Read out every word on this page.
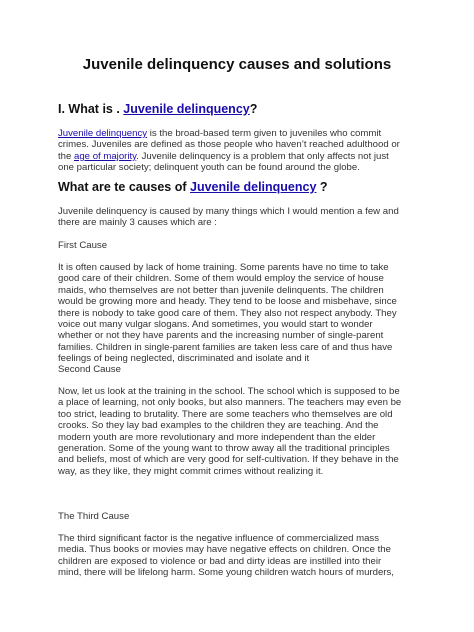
Juvenile delinquency causes and solutions
I. What is . Juvenile delinquency?
Juvenile delinquency is the broad-based term given to juveniles who commit
crimes. Juveniles are defined as those people who haven’t reached adulthood or
the age of majority. Juvenile delinquency is a problem that only affects not just
one particular society; delinquent youth can be found around the globe.
What are te causes of Juvenile delinquency ?
Juvenile delinquency is caused by many things which I would mention a few and
there are mainly 3 causes which are :
First Cause
It is often caused by lack of home training. Some parents have no time to take
good care of their children. Some of them would employ the service of house
maids, who themselves are not better than juvenile delinquents. The children
would be growing more and heady. They tend to be loose and misbehave, since
there is nobody to take good care of them. They also not respect anybody. They
voice out many vulgar slogans. And sometimes, you would start to wonder
whether or not they have parents and the increasing number of single-parent
families. Children in single-parent families are taken less care of and thus have
feelings of being neglected, discriminated and isolate and it
Second Cause
Now, let us look at the training in the school. The school which is supposed to be
a place of learning, not only books, but also manners. The teachers may even be
too strict, leading to brutality. There are some teachers who themselves are old
crooks. So they lay bad examples to the children they are teaching. And the
modern youth are more revolutionary and more independent than the elder
generation. Some of the young want to throw away all the traditional principles
and beliefs, most of which are very good for self-cultivation. If they behave in the
way, as they like, they might commit crimes without realizing it.
The Third Cause
The third significant factor is the negative influence of commercialized mass
media. Thus books or movies may have negative effects on children. Once the
children are exposed to violence or bad and dirty ideas are instilled into their
mind, there will be lifelong harm. Some young children watch hours of murders,
